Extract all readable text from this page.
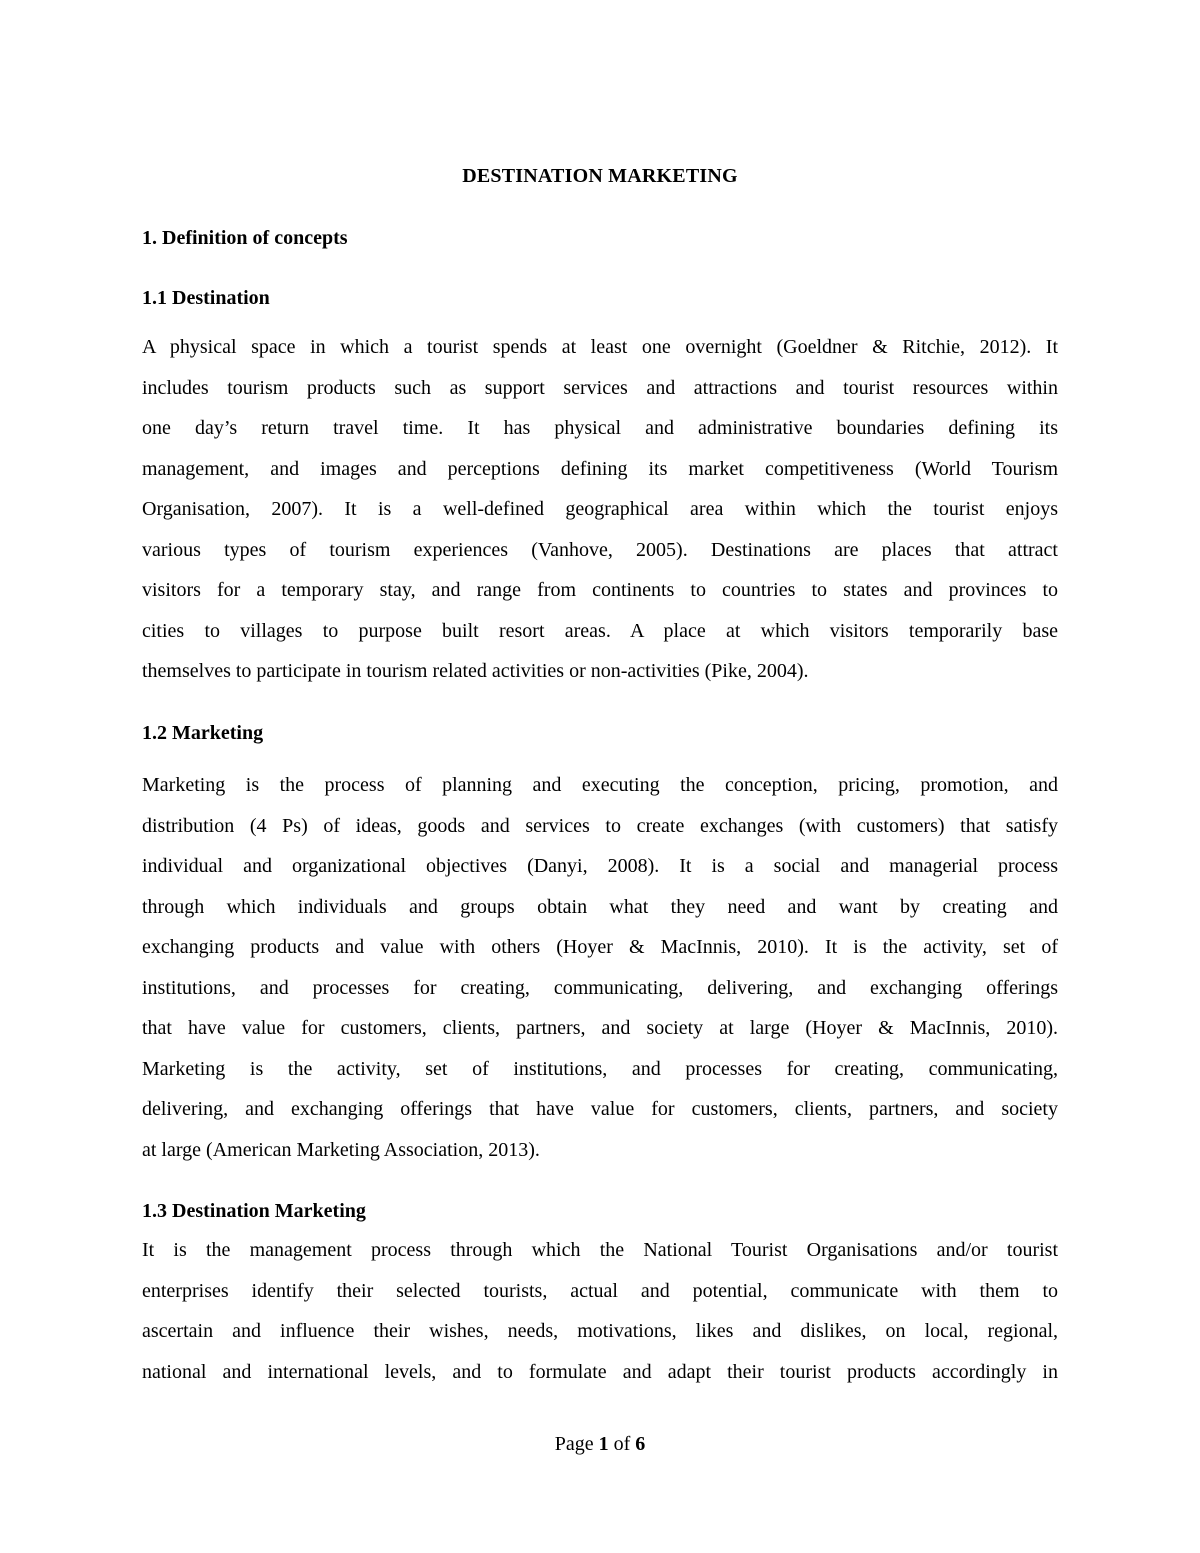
DESTINATION MARKETING
1. Definition of concepts
1.1 Destination
A physical space in which a tourist spends at least one overnight (Goeldner & Ritchie, 2012). It
includes tourism products such as support services and attractions and tourist resources within
one day’s return travel time. It has physical and administrative boundaries defining its
management, and images and perceptions defining its market competitiveness (World Tourism
Organisation, 2007). It is a well-defined geographical area within which the tourist enjoys
various types of tourism experiences (Vanhove, 2005). Destinations are places that attract
visitors for a temporary stay, and range from continents to countries to states and provinces to
cities to villages to purpose built resort areas. A place at which visitors temporarily base
themselves to participate in tourism related activities or non-activities (Pike, 2004).
1.2 Marketing
Marketing is the process of planning and executing the conception, pricing, promotion, and
distribution (4 Ps) of ideas, goods and services to create exchanges (with customers) that satisfy
individual and organizational objectives (Danyi, 2008). It is a social and managerial process
through which individuals and groups obtain what they need and want by creating and
exchanging products and value with others (Hoyer & MacInnis, 2010). It is the activity, set of
institutions, and processes for creating, communicating, delivering, and exchanging offerings
that have value for customers, clients, partners, and society at large (Hoyer & MacInnis, 2010).
Marketing is the activity, set of institutions, and processes for creating, communicating,
delivering, and exchanging offerings that have value for customers, clients, partners, and society
at large (American Marketing Association, 2013).
1.3 Destination Marketing
It is the management process through which the National Tourist Organisations and/or tourist
enterprises identify their selected tourists, actual and potential, communicate with them to
ascertain and influence their wishes, needs, motivations, likes and dislikes, on local, regional,
national and international levels, and to formulate and adapt their tourist products accordingly in
Page 1 of 6
